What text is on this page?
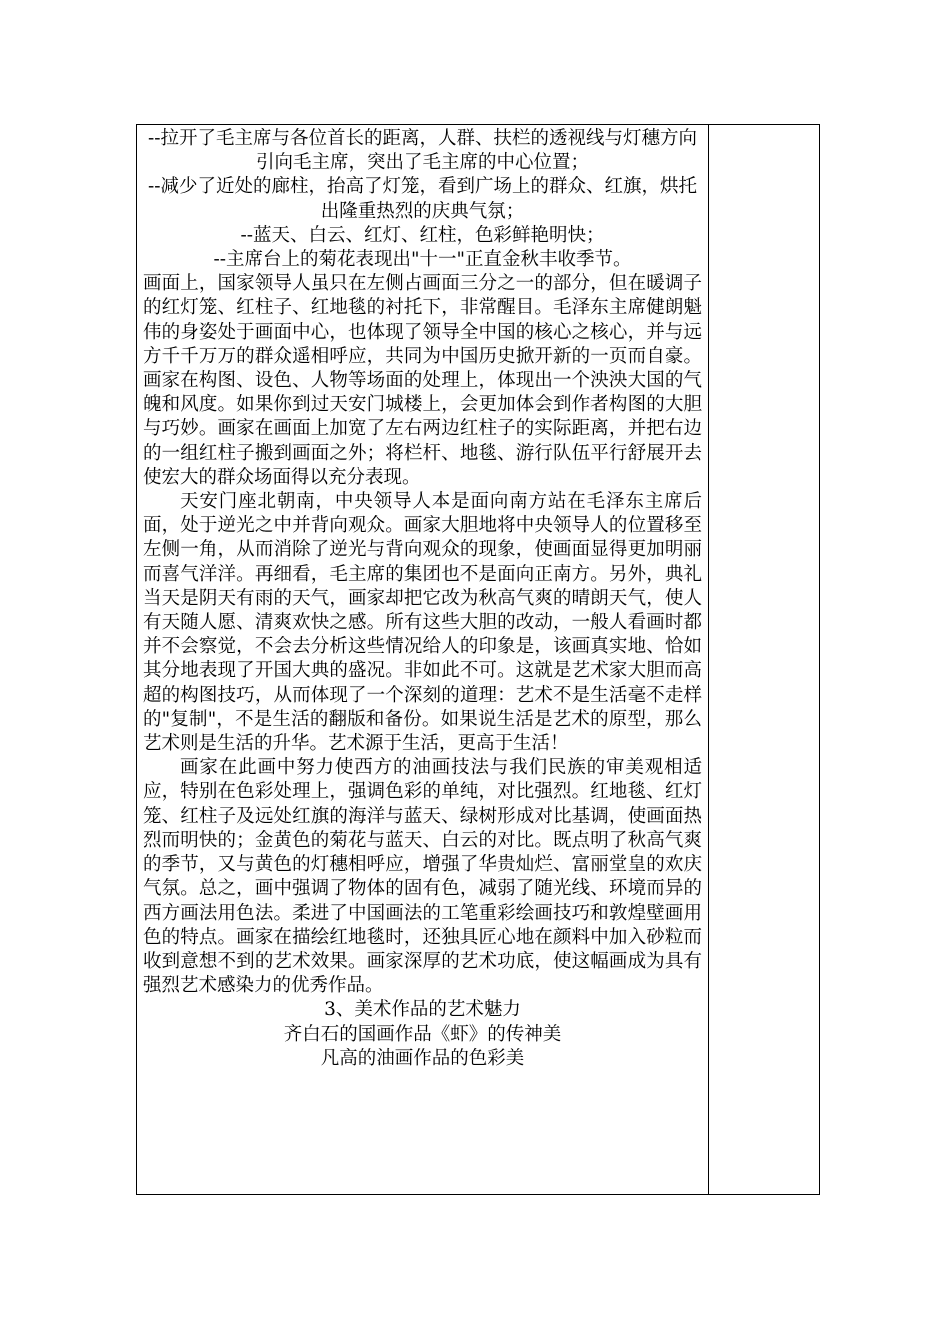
--拉开了毛主席与各位首长的距离，人群、扶栏的透视线与灯穗方向引向毛主席，突出了毛主席的中心位置；
--减少了近处的廊柱，抬高了灯笼，看到广场上的群众、红旗，烘托出隆重热烈的庆典气氛；
--蓝天、白云、红灯、红柱，色彩鲜艳明快；
--主席台上的菊花表现出"十一"正直金秋丰收季节。
画面上，国家领导人虽只在左侧占画面三分之一的部分，但在暖调子的红灯笼、红柱子、红地毯的衬托下，非常醒目。毛泽东主席健朗魁伟的身姿处于画面中心，也体现了领导全中国的核心之核心，并与远方千千万万的群众遥相呼应，共同为中国历史掀开新的一页而自豪。画家在构图、设色、人物等场面的处理上，体现出一个泱泱大国的气魄和风度。如果你到过天安门城楼上，会更加体会到作者构图的大胆与巧妙。画家在画面上加宽了左右两边红柱子的实际距离，并把右边的一组红柱子搬到画面之外；将栏杆、地毯、游行队伍平行舒展开去使宏大的群众场面得以充分表现。
天安门座北朝南，中央领导人本是面向南方站在毛泽东主席后面，处于逆光之中并背向观众。画家大胆地将中央领导人的位置移至左侧一角，从而消除了逆光与背向观众的现象，使画面显得更加明丽而喜气洋洋。再细看，毛主席的集团也不是面向正南方。另外，典礼当天是阴天有雨的天气，画家却把它改为秋高气爽的晴朗天气，使人有天随人愿、清爽欢快之感。所有这些大胆的改动，一般人看画时都并不会察觉，不会去分析这些情况给人的印象是，该画真实地、恰如其分地表现了开国大典的盛况。非如此不可。这就是艺术家大胆而高超的构图技巧，从而体现了一个深刻的道理：艺术不是生活毫不走样的"复制"，不是生活的翻版和备份。如果说生活是艺术的原型，那么艺术则是生活的升华。艺术源于生活，更高于生活！
画家在此画中努力使西方的油画技法与我们民族的审美观相适应，特别在色彩处理上，强调色彩的单纯，对比强烈。红地毯、红灯笼、红柱子及远处红旗的海洋与蓝天、绿树形成对比基调，使画面热烈而明快的；金黄色的菊花与蓝天、白云的对比。既点明了秋高气爽的季节，又与黄色的灯穗相呼应，增强了华贵灿烂、富丽堂皇的欢庆气氛。总之，画中强调了物体的固有色，减弱了随光线、环境而异的西方画法用色法。柔进了中国画法的工笔重彩绘画技巧和敦煌壁画用色的特点。画家在描绘红地毯时，还独具匠心地在颜料中加入砂粒而收到意想不到的艺术效果。画家深厚的艺术功底，使这幅画成为具有强烈艺术感染力的优秀作品。
3、美术作品的艺术魅力
齐白石的国画作品《虾》的传神美
凡高的油画作品的色彩美
